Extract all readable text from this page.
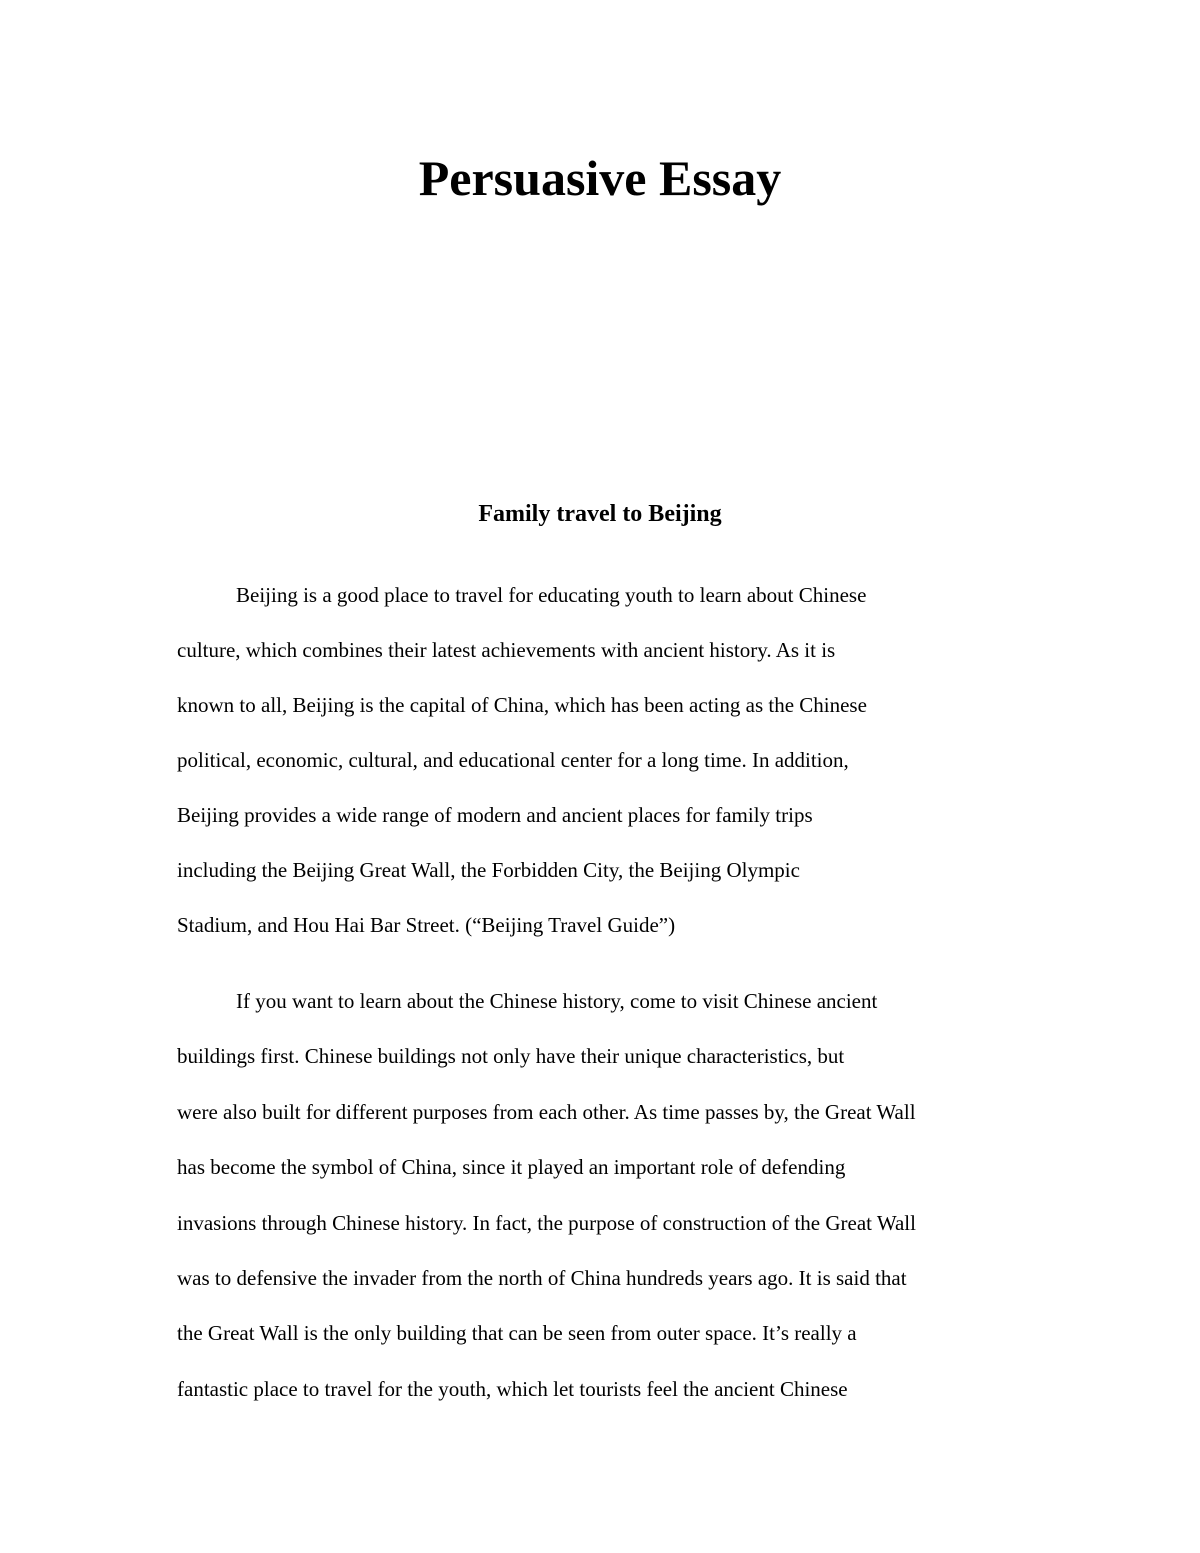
Persuasive Essay
Family travel to Beijing

Beijing is a good place to travel for educating youth to learn about Chinese

culture, which combines their latest achievements with ancient history. As it is

known to all, Beijing is the capital of China, which has been acting as the Chinese

political, economic, cultural, and educational center for a long time. In addition,

Beijing provides a wide range of modern and ancient places for family trips

including the Beijing Great Wall, the Forbidden City, the Beijing Olympic

Stadium, and Hou Hai Bar Street. (“Beijing Travel Guide”)

If you want to learn about the Chinese history, come to visit Chinese ancient

buildings first. Chinese buildings not only have their unique characteristics, but

were also built for different purposes from each other. As time passes by, the Great Wall

has become the symbol of China, since it played an important role of defending

invasions through Chinese history. In fact, the purpose of construction of the Great Wall

was to defensive the invader from the north of China hundreds years ago. It is said that

the Great Wall is the only building that can be seen from outer space. It’s really a

fantastic place to travel for the youth, which let tourists feel the ancient Chinese
